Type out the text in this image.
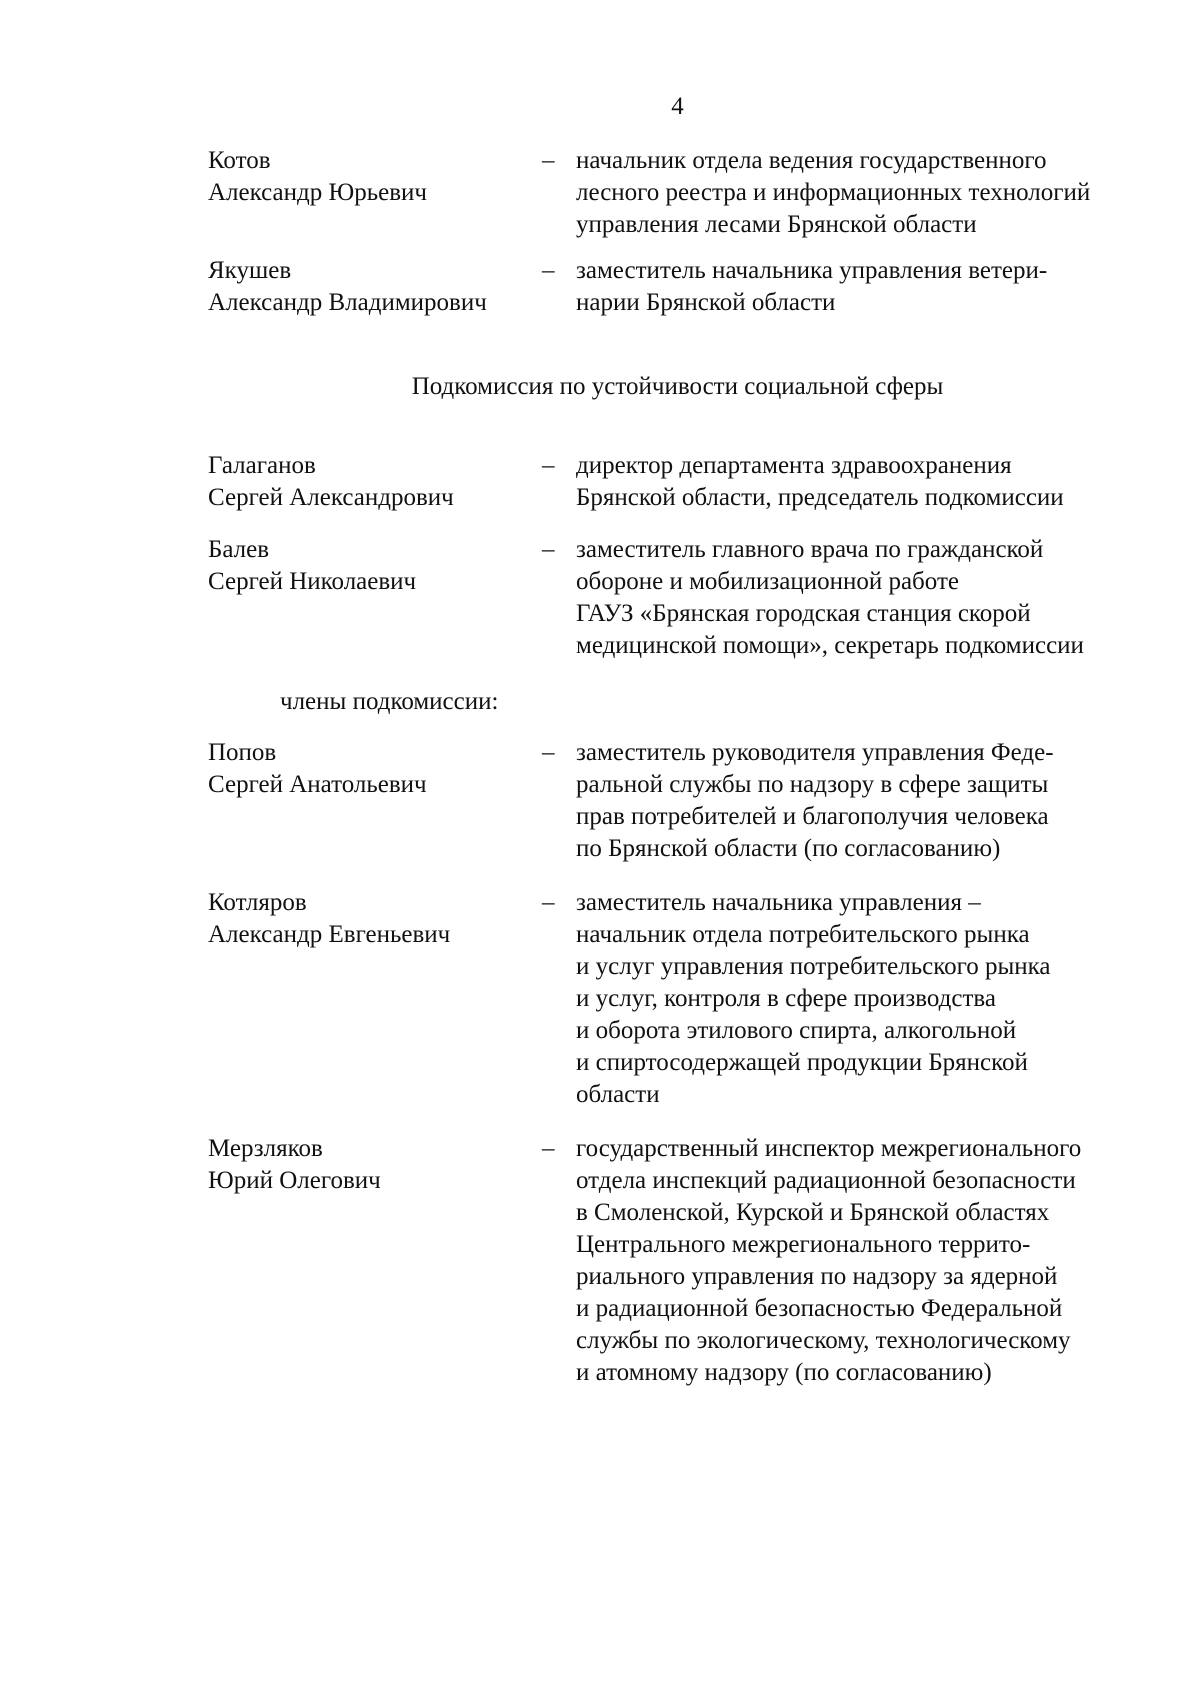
4
Котов
Александр Юрьевич
– начальник отдела ведения государственного
лесного реестра и информационных технологий
управления лесами Брянской области
Якушев
Александр Владимирович
– заместитель начальника управления ветери-
нарии Брянской области
Подкомиссия по устойчивости социальной сферы
Галаганов
Сергей Александрович
– директор департамента здравоохранения
Брянской области, председатель подкомиссии
Балев
Сергей Николаевич
– заместитель главного врача по гражданской
обороне и мобилизационной работе
ГАУЗ «Брянская городская станция скорой
медицинской помощи», секретарь подкомиссии
члены подкомиссии:
Попов
Сергей Анатольевич
– заместитель руководителя управления Феде-
ральной службы по надзору в сфере защиты
прав потребителей и благополучия человека
по Брянской области (по согласованию)
Котляров
Александр Евгеньевич
– заместитель начальника управления –
начальник отдела потребительского рынка
и услуг управления потребительского рынка
и услуг, контроля в сфере производства
и оборота этилового спирта, алкогольной
и спиртосодержащей продукции Брянской
области
Мерзляков
Юрий Олегович
– государственный инспектор межрегионального
отдела инспекций радиационной безопасности
в Смоленской, Курской и Брянской областях
Центрального межрегионального террито-
риального управления по надзору за ядерной
и радиационной безопасностью Федеральной
службы по экологическому, технологическому
и атомному надзору (по согласованию)
